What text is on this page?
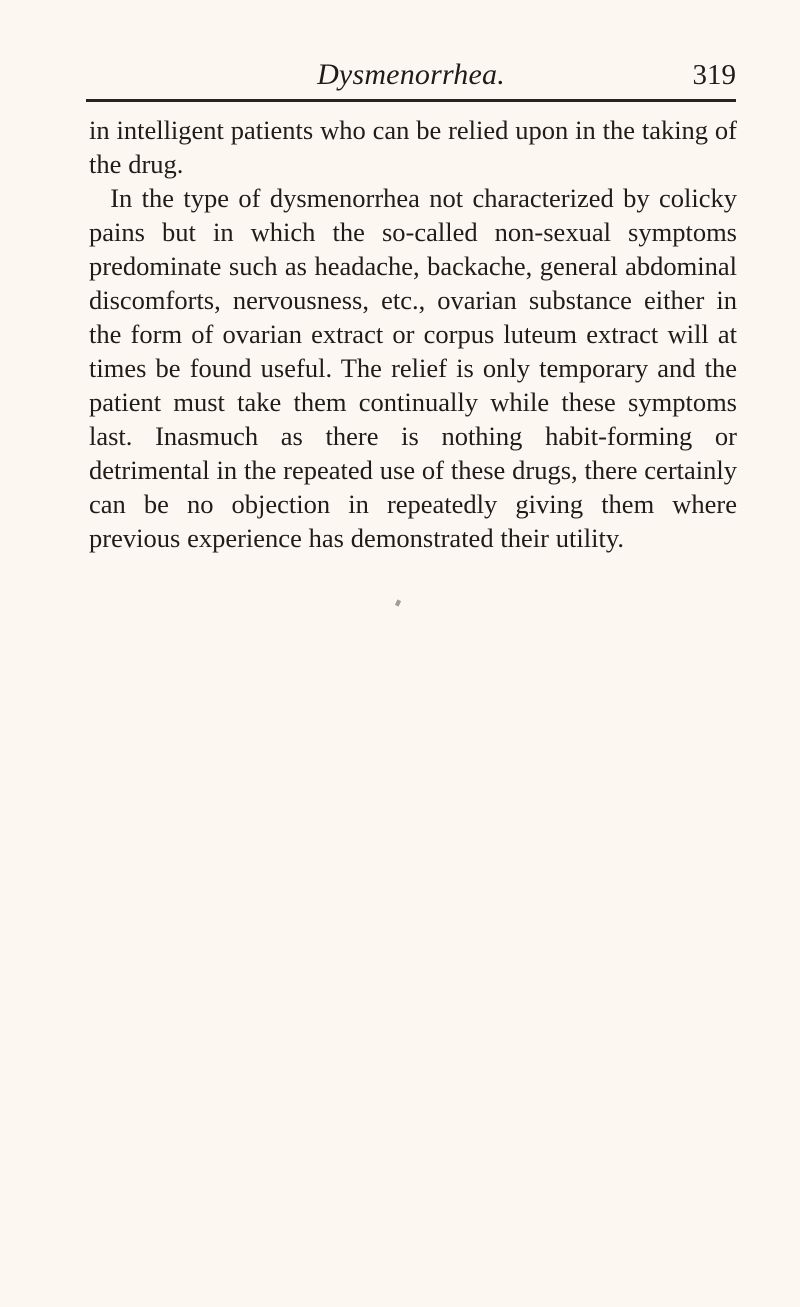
Dysmenorrhea.	319

in intelligent patients who can be relied upon in the taking of the drug.

In the type of dysmenorrhea not characterized by colicky pains but in which the so-called non-sexual symptoms predominate such as headache, backache, general abdominal discomforts, nervousness, etc., ovarian substance either in the form of ovarian extract or corpus luteum extract will at times be found useful. The relief is only temporary and the patient must take them continually while these symptoms last. Inasmuch as there is nothing habit-forming or detrimental in the repeated use of these drugs, there certainly can be no objection in repeatedly giving them where previous experience has demonstrated their utility.
